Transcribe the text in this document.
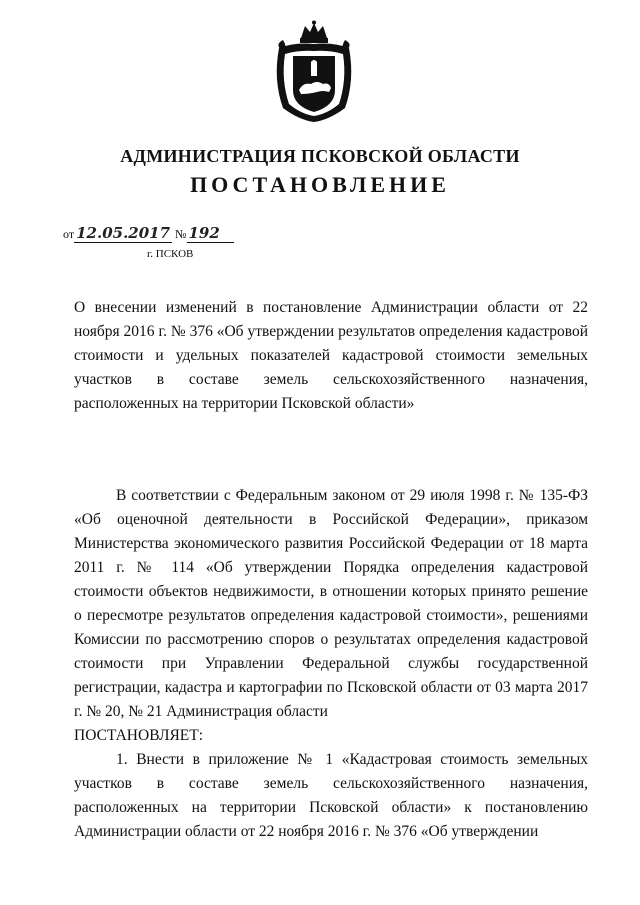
АДМИНИСТРАЦИЯ ПСКОВСКОЙ ОБЛАСТИ
ПОСТАНОВЛЕНИЕ
от 12.05.2017 № 192
г. ПСКОВ
О внесении изменений в постановление Администрации области от 22 ноября 2016 г. № 376 «Об утверждении результатов определения кадастровой стоимости и удельных показателей кадастровой стоимости земельных участков в составе земель сельскохозяйственного назначения, расположенных на территории Псковской области»

В соответствии с Федеральным законом от 29 июля 1998 г. № 135-ФЗ «Об оценочной деятельности в Российской Федерации», приказом Министерства экономического развития Российской Федерации от 18 марта 2011 г. № 114 «Об утверждении Порядка определения кадастровой стоимости объектов недвижимости, в отношении которых принято решение о пересмотре результатов определения кадастровой стоимости», решениями Комиссии по рассмотрению споров о результатах определения кадастровой стоимости при Управлении Федеральной службы государственной регистрации, кадастра и картографии по Псковской области от 03 марта 2017 г. № 20, № 21 Администрация области

ПОСТАНОВЛЯЕТ:

1. Внести в приложение № 1 «Кадастровая стоимость земельных участков в составе земель сельскохозяйственного назначения, расположенных на территории Псковской области» к постановлению Администрации области от 22 ноября 2016 г. № 376 «Об утверждении
